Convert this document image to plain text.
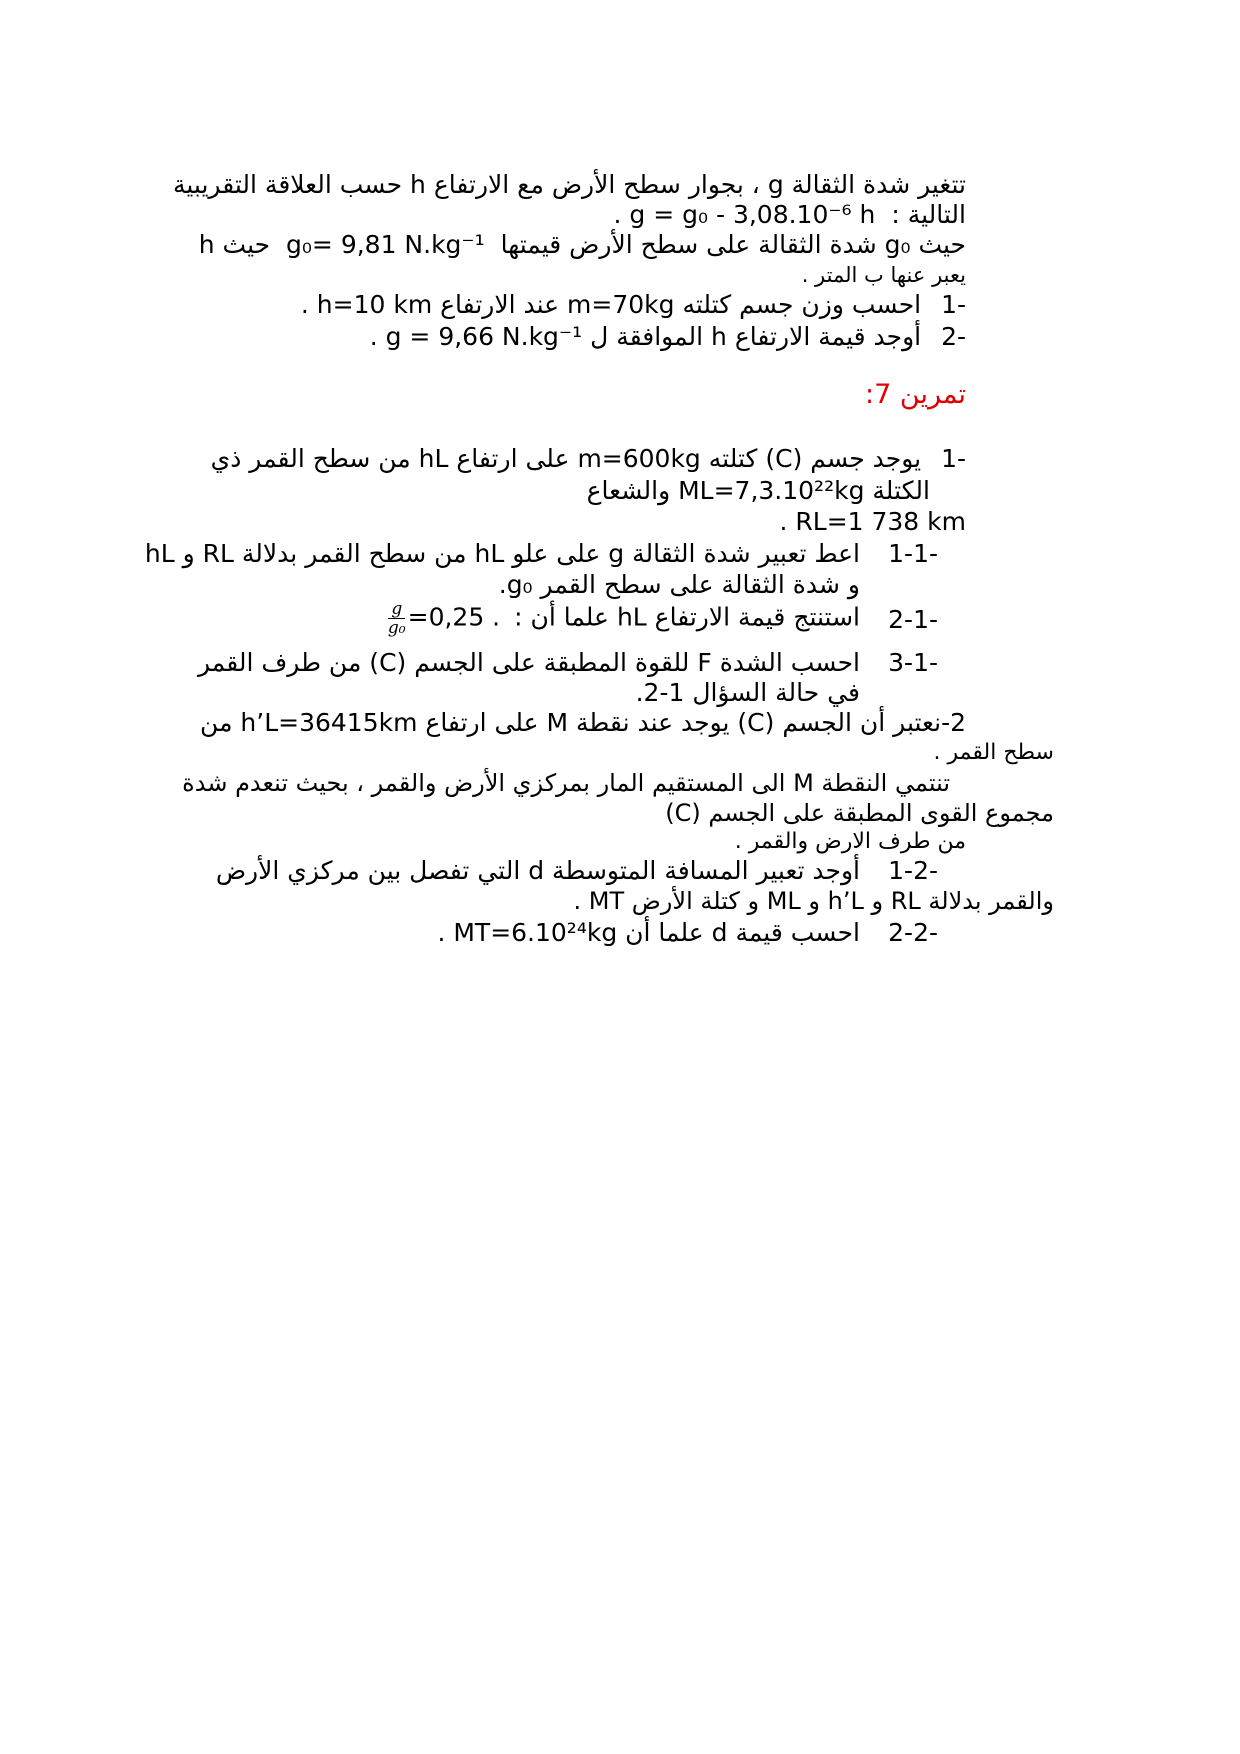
تتغير شدة الثقالة g ، بجوار سطح الأرض مع الارتفاع h حسب العلاقة التقريبية
التالية : g = g₀ - 3,08.10⁻⁶ h .
حيث g₀ شدة الثقالة على سطح الأرض قيمتها g₀= 9,81 N.kg⁻¹ حيث h
يعبر عنها ب المتر .
1- احسب وزن جسم كتلته m=70kg عند الارتفاع h=10 km .
2- أوجد قيمة الارتفاع h الموافقة ل g = 9,66 N.kg⁻¹ .
تمرين 7:
1- يوجد جسم (C) كتلته m=600kg على ارتفاع hL من سطح القمر ذي
الكتلة ML=7,3.10²²kg والشعاع
. RL=1 738 km
1-1-
اعط تعبير شدة الثقالة g على علو hL من سطح القمر بدلالة RL و hL
و شدة الثقالة على سطح القمر g₀.
2-1-
استنتج قيمة الارتفاع hL علما أن :
$\frac{g}{\text{g₀}} =0,25$ .
3-1-
احسب الشدة F للقوة المطبقة على الجسم (C) من طرف القمر
في حالة السؤال 1-2.
2-نعتبر أن الجسم (C) يوجد عند نقطة M على ارتفاع h’L=36415km من
سطح القمر .
تنتمي النقطة M الى المستقيم المار بمركزي الأرض والقمر ، بحيث تنعدم شدة
مجموع القوى المطبقة على الجسم (C)
من طرف الارض والقمر .
1-2-
أوجد تعبير المسافة المتوسطة d التي تفصل بين مركزي الأرض
والقمر بدلالة RL و h’L و ML و كتلة الأرض MT .
2-2-
احسب قيمة d علما أن MT=6.10²⁴kg .
